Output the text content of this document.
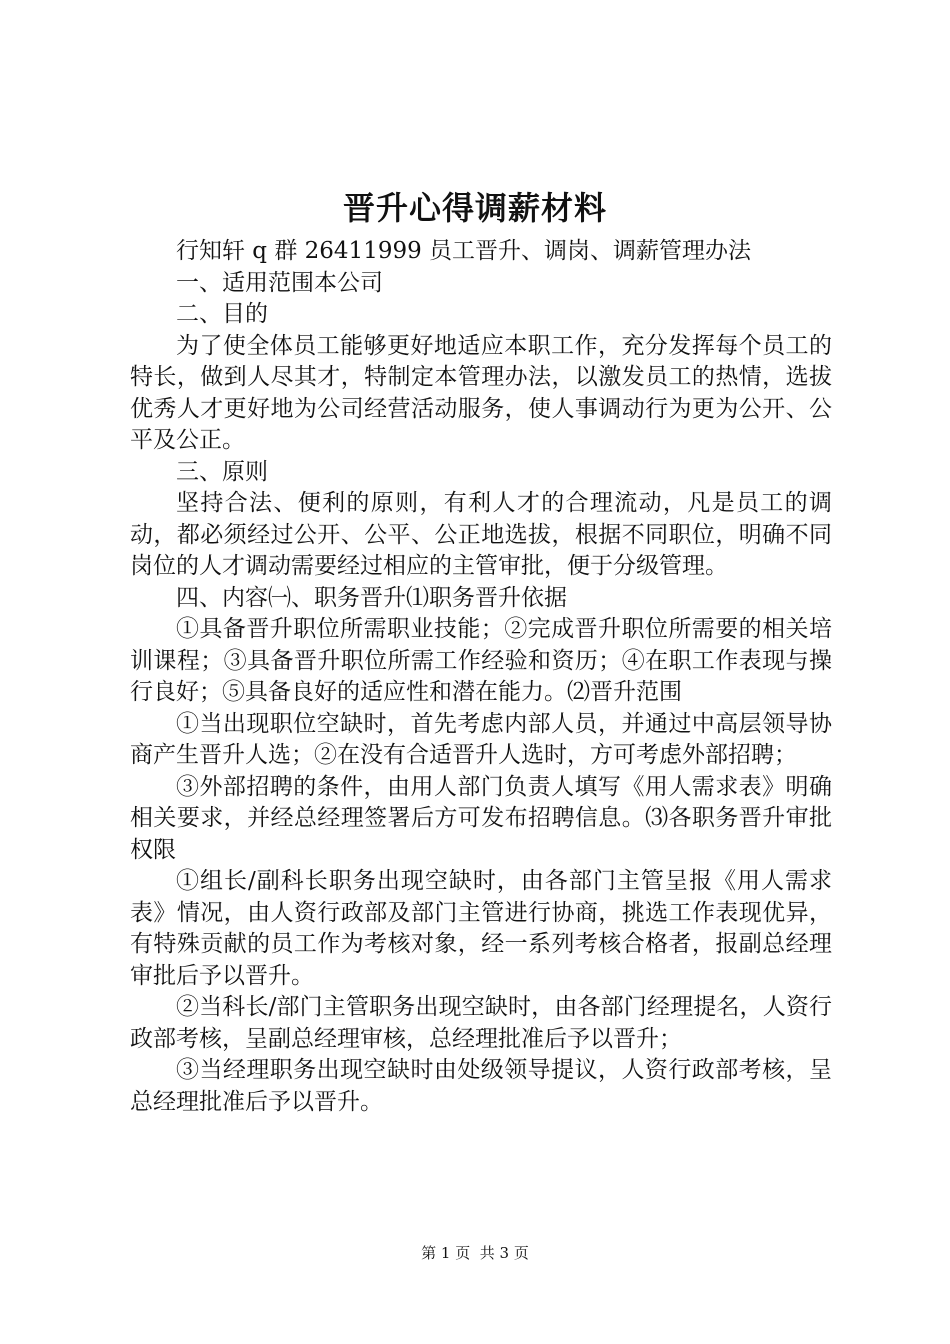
晋升心得调薪材料

行知轩 q 群 26411999 员工晋升、调岗、调薪管理办法

一、适用范围本公司

二、目的

为了使全体员工能够更好地适应本职工作，充分发挥每个员工的特长，做到人尽其才，特制定本管理办法，以激发员工的热情，选拔优秀人才更好地为公司经营活动服务，使人事调动行为更为公开、公平及公正。

三、原则

坚持合法、便利的原则，有利人才的合理流动，凡是员工的调动，都必须经过公开、公平、公正地选拔，根据不同职位，明确不同岗位的人才调动需要经过相应的主管审批，便于分级管理。

四、内容㈠、职务晋升⑴职务晋升依据

①具备晋升职位所需职业技能；②完成晋升职位所需要的相关培训课程；③具备晋升职位所需工作经验和资历；④在职工作表现与操行良好；⑤具备良好的适应性和潜在能力。⑵晋升范围

①当出现职位空缺时，首先考虑内部人员，并通过中高层领导协商产生晋升人选；②在没有合适晋升人选时，方可考虑外部招聘；

③外部招聘的条件，由用人部门负责人填写《用人需求表》明确相关要求，并经总经理签署后方可发布招聘信息。⑶各职务晋升审批权限

①组长/副科长职务出现空缺时，由各部门主管呈报《用人需求表》情况，由人资行政部及部门主管进行协商，挑选工作表现优异，有特殊贡献的员工作为考核对象，经一系列考核合格者，报副总经理审批后予以晋升。

②当科长/部门主管职务出现空缺时，由各部门经理提名，人资行政部考核，呈副总经理审核，总经理批准后予以晋升；

③当经理职务出现空缺时由处级领导提议，人资行政部考核，呈总经理批准后予以晋升。

第 1 页  共 3 页
